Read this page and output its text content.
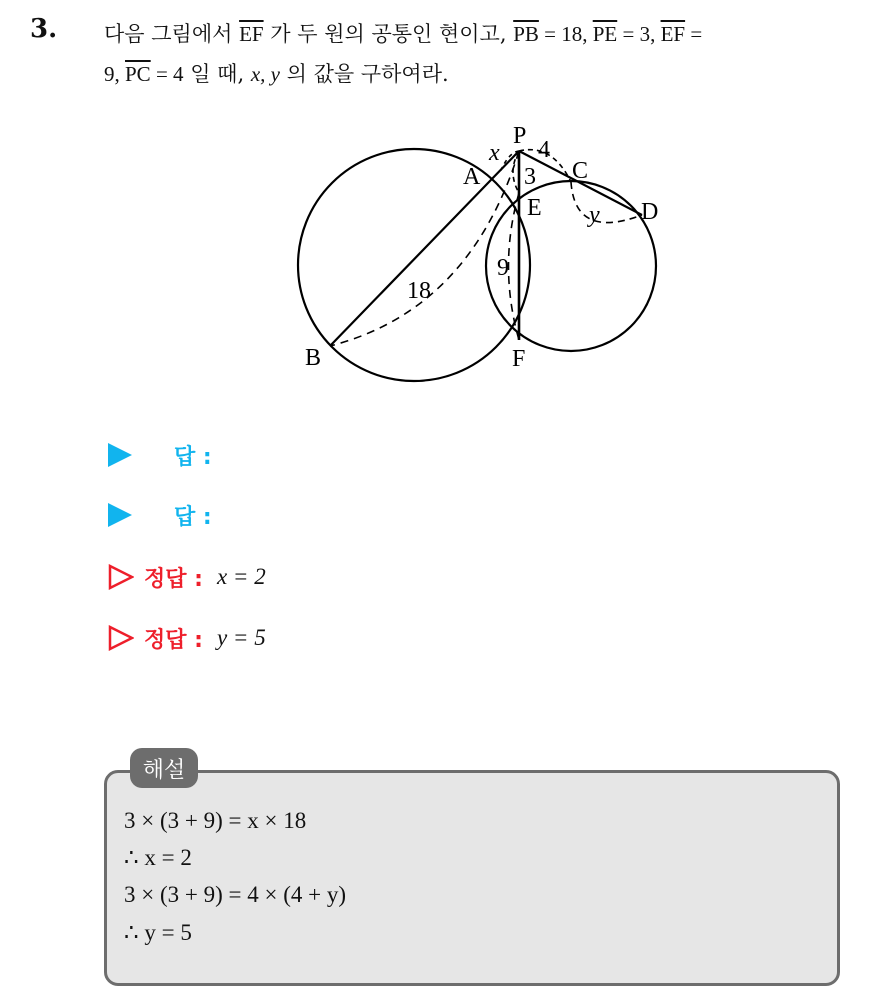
3. 다음 그림에서 $\overline{EF}$ 가 두 원의 공통인 현이고, $\overline{PB} = 18$, $\overline{PE} = 3$, $\overline{EF}$ =
9, $\overline{PC} = 4$ 일 때, x, y 의 값을 구하여라.
P
A	C
E	D
B	F
4
3
9
18
x
y
답 :
답 :
정답 : x = 2
정답 : y = 5
해설
3 × (3 + 9) = x × 18
∴ x = 2
3 × (3 + 9) = 4 × (4 + y)
∴ y = 5
